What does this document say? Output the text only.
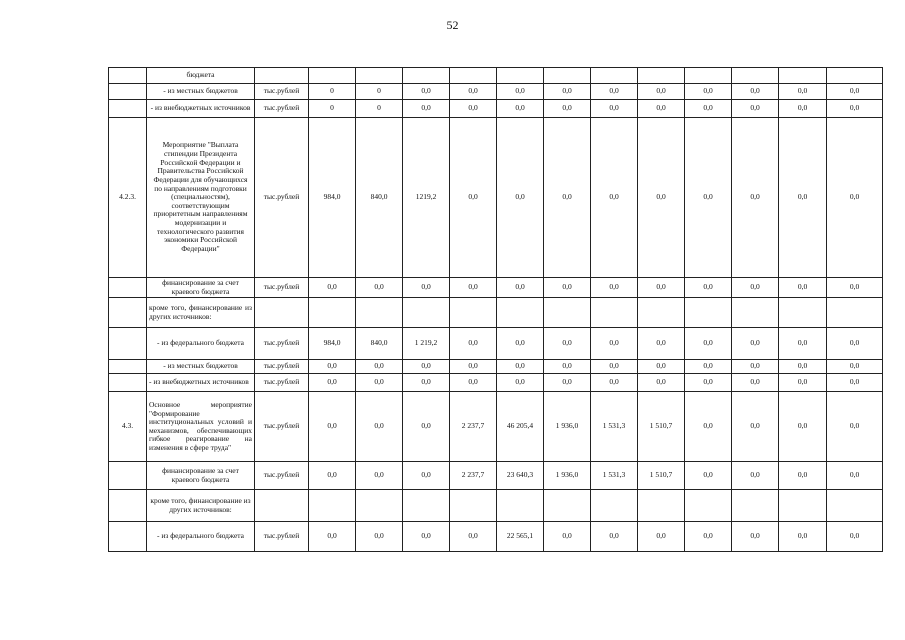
52
	бюджета													
	- из местных бюджетов	тыс.рублей	0	0	0,0	0,0	0,0	0,0	0,0	0,0	0,0	0,0	0,0	0,0
	- из внебюджетных источников	тыс.рублей	0	0	0,0	0,0	0,0	0,0	0,0	0,0	0,0	0,0	0,0	0,0
4.2.3.	Мероприятие "Выплата стипендии Президента Российской Федерации и Правительства Российской Федерации для обучающихся по направлениям подготовки (специальностям), соответствующим приоритетным направлениям модернизации и технологического развития экономики Российской Федерации"	тыс.рублей	984,0	840,0	1219,2	0,0	0,0	0,0	0,0	0,0	0,0	0,0	0,0	0,0
	финансирование за счет краевого бюджета	тыс.рублей	0,0	0,0	0,0	0,0	0,0	0,0	0,0	0,0	0,0	0,0	0,0	0,0
	кроме того, финансирование из других источников:													
	- из федерального бюджета	тыс.рублей	984,0	840,0	1 219,2	0,0	0,0	0,0	0,0	0,0	0,0	0,0	0,0	0,0
	- из местных бюджетов	тыс.рублей	0,0	0,0	0,0	0,0	0,0	0,0	0,0	0,0	0,0	0,0	0,0	0,0
	- из внебюджетных источников	тыс.рублей	0,0	0,0	0,0	0,0	0,0	0,0	0,0	0,0	0,0	0,0	0,0	0,0
4.3.	Основное мероприятие "Формирование институциональных условий и механизмов, обеспечивающих гибкое реагирование на изменения в сфере труда"	тыс.рублей	0,0	0,0	0,0	2 237,7	46 205,4	1 936,0	1 531,3	1 510,7	0,0	0,0	0,0	0,0
	финансирование за счет краевого бюджета	тыс.рублей	0,0	0,0	0,0	2 237,7	23 640,3	1 936,0	1 531,3	1 510,7	0,0	0,0	0,0	0,0
	кроме того, финансирование из других источников:													
	- из федерального бюджета	тыс.рублей	0,0	0,0	0,0	0,0	22 565,1	0,0	0,0	0,0	0,0	0,0	0,0	0,0
